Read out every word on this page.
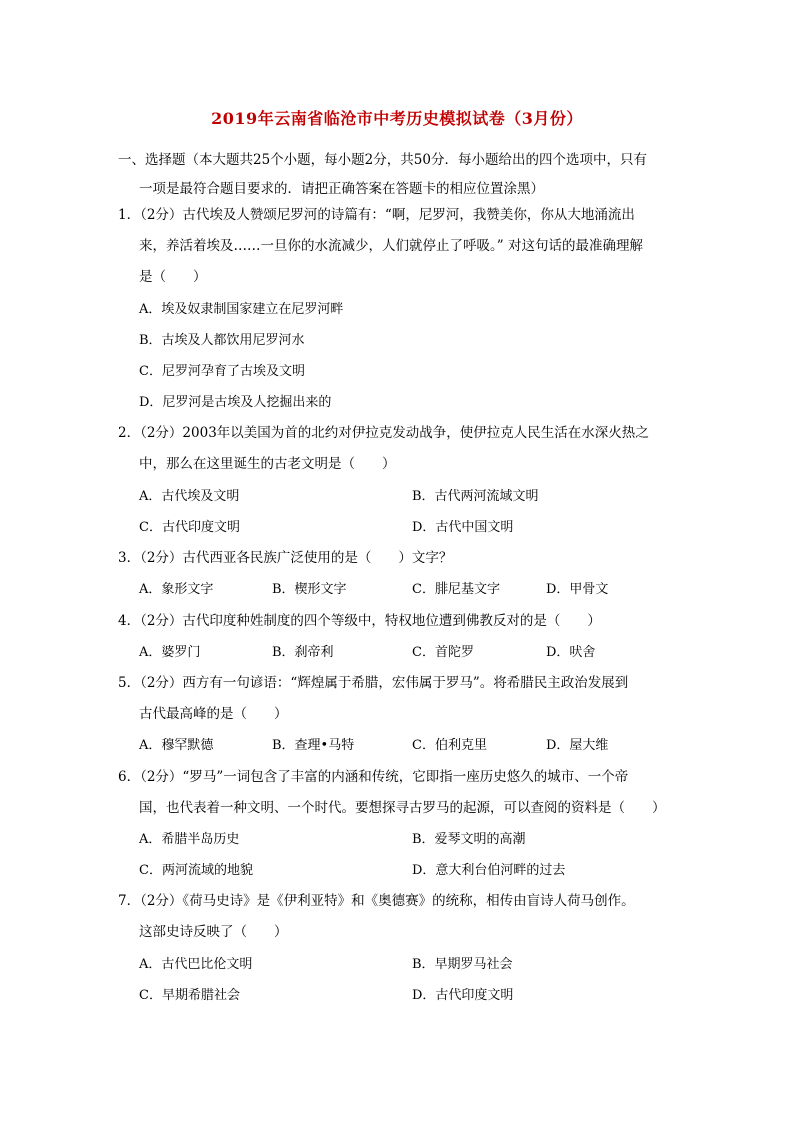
2019年云南省临沧市中考历史模拟试卷（3月份）
一、选择题（本大题共25个小题，每小题2分，共50分．每小题给出的四个选项中，只有
一项是最符合题目要求的．请把正确答案在答题卡的相应位置涂黑）
1．（2分）古代埃及人赞颂尼罗河的诗篇有：“啊，尼罗河，我赞美你，你从大地涌流出
来，养活着埃及……一旦你的水流减少，人们就停止了呼吸。” 对这句话的最准确理解
是（　　）
A．埃及奴隶制国家建立在尼罗河畔
B．古埃及人都饮用尼罗河水
C．尼罗河孕育了古埃及文明
D．尼罗河是古埃及人挖掘出来的
2．（2分）2003年以美国为首的北约对伊拉克发动战争，使伊拉克人民生活在水深火热之
中，那么在这里诞生的古老文明是（　　）
A．古代埃及文明	B．古代两河流域文明
C．古代印度文明	D．古代中国文明
3．（2分）古代西亚各民族广泛使用的是（　　）文字？
A．象形文字	B．楔形文字	C．腓尼基文字	D．甲骨文
4．（2分）古代印度种姓制度的四个等级中，特权地位遭到佛教反对的是（　　）
A．婆罗门	B．刹帝利	C．首陀罗	D．吠舍
5．（2分）西方有一句谚语：“辉煌属于希腊，宏伟属于罗马”。将希腊民主政治发展到
古代最高峰的是（　　）
A．穆罕默德	B．查理•马特	C．伯利克里	D．屋大维
6．（2分）“罗马”一词包含了丰富的内涵和传统，它即指一座历史悠久的城市、一个帝
国，也代表着一种文明、一个时代。要想探寻古罗马的起源，可以查阅的资料是（　　）
A．希腊半岛历史	B．爱琴文明的高潮
C．两河流域的地貌	D．意大利台伯河畔的过去
7．（2分）《荷马史诗》是《伊利亚特》和《奥德赛》的统称，相传由盲诗人荷马创作。
这部史诗反映了（　　）
A．古代巴比伦文明	B．早期罗马社会
C．早期希腊社会	D．古代印度文明
